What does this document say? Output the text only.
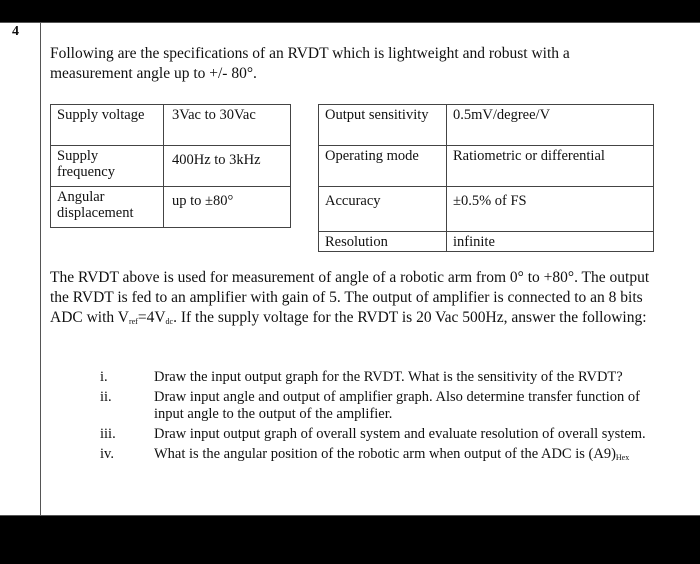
4
Following are the specifications of an RVDT which is lightweight and robust with a measurement angle up to +/- 80°.
Supply voltage	3Vac to 30Vac
Supply frequency	400Hz to 3kHz
Angular displacement	up to ±80°
Output sensitivity	0.5mV/degree/V
Operating mode	Ratiometric or differential
Accuracy	±0.5% of FS
Resolution	infinite
The RVDT above is used for measurement of angle of a robotic arm from 0° to +80°. The output the RVDT is fed to an amplifier with gain of 5. The output of amplifier is connected to an 8 bits ADC with $V_{ref}=4V_{dc}$. If the supply voltage for the RVDT is 20 Vac 500Hz, answer the following:
i.	Draw the input output graph for the RVDT. What is the sensitivity of the RVDT?
ii.	Draw input angle and output of amplifier graph. Also determine transfer function of input angle to the output of the amplifier.
iii.	Draw input output graph of overall system and evaluate resolution of overall system.
iv.	What is the angular position of the robotic arm when output of the ADC is $(A9)_{Hex}$
